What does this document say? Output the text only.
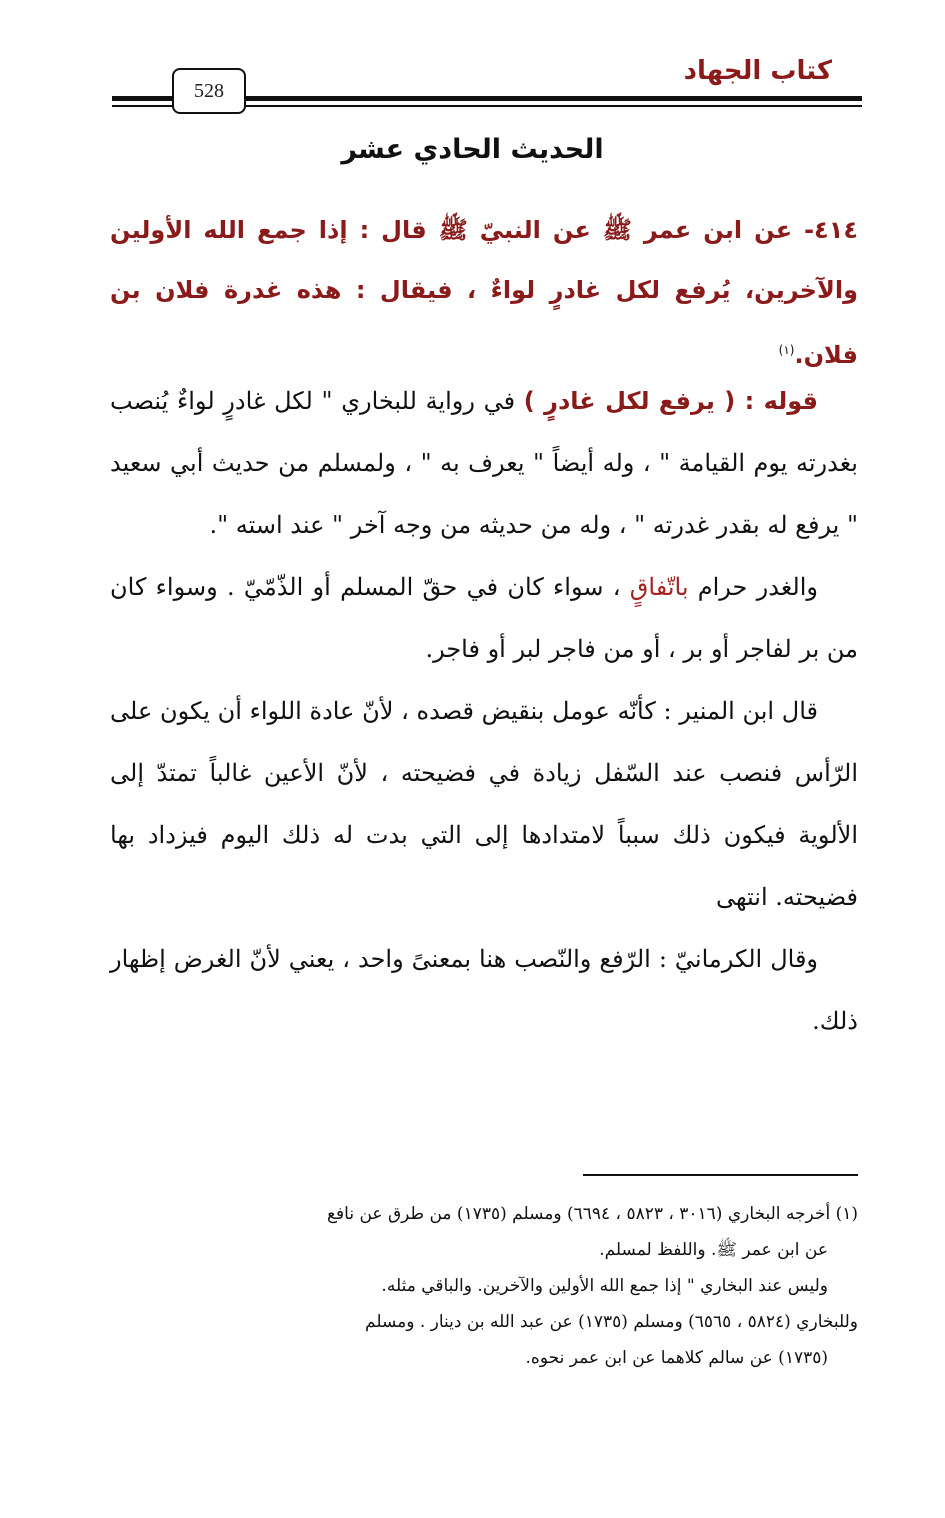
كتاب الجهاد
528
الحديث الحادي عشر
٤١٤- عن ابن عمر ﷺ عن النبيّ ﷺ قال : إذا جمع الله الأولين والآخرين، يُرفع لكل غادرٍ لواءٌ ، فيقال : هذه غدرة فلان بن فلان.$^{(١)}$

قوله : ( يرفع لكل غادرٍ ) في رواية للبخاري " لكل غادرٍ لواءٌ يُنصب بغدرته يوم القيامة " ، وله أيضاً " يعرف به " ، ولمسلم من حديث أبي سعيد " يرفع له بقدر غدرته " ، وله من حديثه من وجه آخر " عند استه ".

والغدر حرام باتّفاقٍ ، سواء كان في حقّ المسلم أو الذّمّيّ . وسواء كان من بر لفاجر أو بر ، أو من فاجر لبر أو فاجر.

قال ابن المنير : كأنّه عومل بنقيض قصده ، لأنّ عادة اللواء أن يكون على الرّأس فنصب عند السّفل زيادة في فضيحته ، لأنّ الأعين غالباً تمتدّ إلى الألوية فيكون ذلك سبباً لامتدادها إلى التي بدت له ذلك اليوم فيزداد بها فضيحته. انتهى

وقال الكرمانيّ : الرّفع والنّصب هنا بمعنىً واحد ، يعني لأنّ الغرض إظهار ذلك.

(١) أخرجه البخاري (٣٠١٦ ، ٥٨٢٣ ، ٦٦٩٤) ومسلم (١٧٣٥) من طرق عن نافع

عن ابن عمر ﷺ. واللفظ لمسلم.

وليس عند البخاري " إذا جمع الله الأولين والآخرين. والباقي مثله.

وللبخاري (٥٨٢٤ ، ٦٥٦٥) ومسلم (١٧٣٥) عن عبد الله بن دينار . ومسلم

(١٧٣٥) عن سالم كلاهما عن ابن عمر نحوه.
